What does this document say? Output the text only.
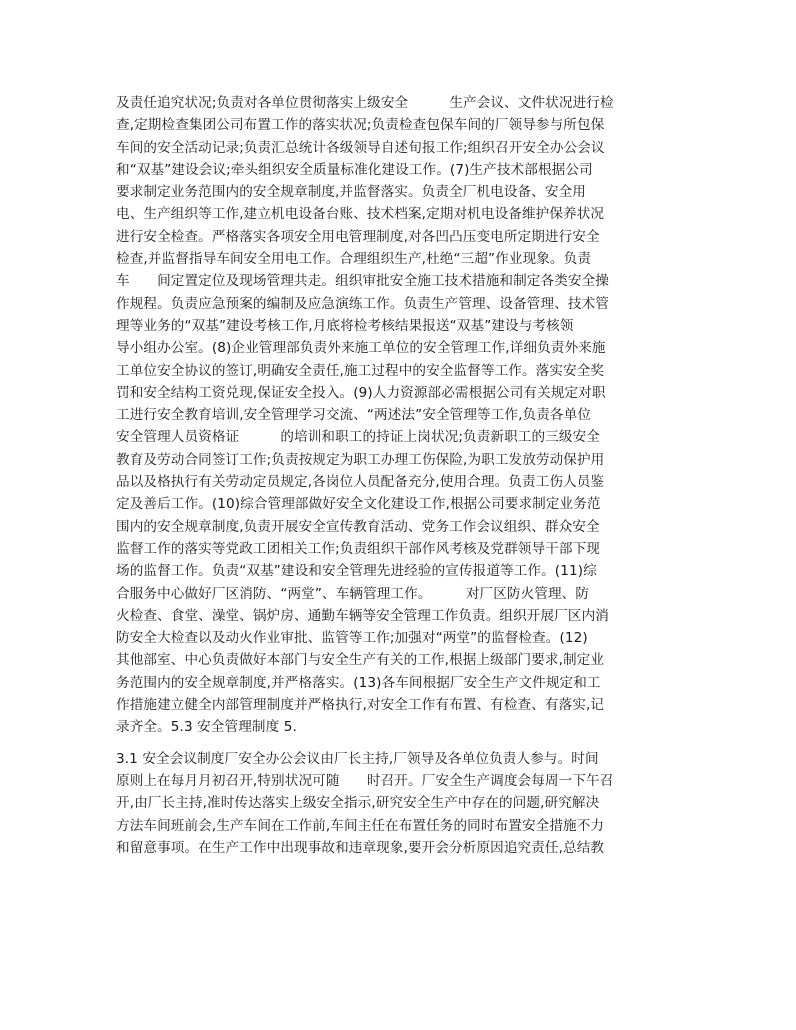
及责任追究状况;负责对各单位贯彻落实上级安全　　　生产会议、文件状况进行检
查,定期检查集团公司布置工作的落实状况;负责检查包保车间的厂领导参与所包保
车间的安全活动记录;负责汇总统计各级领导自述旬报工作;组织召开安全办公会议
和“双基”建设会议;牵头组织安全质量标准化建设工作。(7)生产技术部根据公司
要求制定业务范围内的安全规章制度,并监督落实。负责全厂机电设备、安全用
电、生产组织等工作,建立机电设备台账、技术档案,定期对机电设备维护保养状况
进行安全检查。严格落实各项安全用电管理制度,对各凹凸压变电所定期进行安全
检查,并监督指导车间安全用电工作。合理组织生产,杜绝“三超”作业现象。负责
车　　间定置定位及现场管理共走。组织审批安全施工技术措施和制定各类安全操
作规程。负责应急预案的编制及应急演练工作。负责生产管理、设备管理、技术管
理等业务的“双基”建设考核工作,月底将检考核结果报送“双基”建设与考核领
导小组办公室。(8)企业管理部负责外来施工单位的安全管理工作,详细负责外来施
工单位安全协议的签订,明确安全责任,施工过程中的安全监督等工作。落实安全奖
罚和安全结构工资兑现,保证安全投入。(9)人力资源部必需根据公司有关规定对职
工进行安全教育培训,安全管理学习交流、“两述法”安全管理等工作,负责各单位
安全管理人员资格证　　　的培训和职工的持证上岗状况;负责新职工的三级安全
教育及劳动合同签订工作;负责按规定为职工办理工伤保险,为职工发放劳动保护用
品以及格执行有关劳动定员规定,各岗位人员配备充分,使用合理。负责工伤人员鉴
定及善后工作。(10)综合管理部做好安全文化建设工作,根据公司要求制定业务范
围内的安全规章制度,负责开展安全宣传教育活动、党务工作会议组织、群众安全
监督工作的落实等党政工团相关工作;负责组织干部作风考核及党群领导干部下现
场的监督工作。负责“双基”建设和安全管理先进经验的宣传报道等工作。(11)综
合服务中心做好厂区消防、“两堂”、车辆管理工作。　　　对厂区防火管理、防
火检查、食堂、澡堂、锅炉房、通勤车辆等安全管理工作负责。组织开展厂区内消
防安全大检查以及动火作业审批、监管等工作;加强对“两堂”的监督检查。(12)
其他部室、中心负责做好本部门与安全生产有关的工作,根据上级部门要求,制定业
务范围内的安全规章制度,并严格落实。(13)各车间根据厂安全生产文件规定和工
作措施建立健全内部管理制度并严格执行,对安全工作有布置、有检查、有落实,记
录齐全。5.3 安全管理制度 5.
3.1 安全会议制度厂安全办公会议由厂长主持,厂领导及各单位负责人参与。时间
原则上在每月月初召开,特别状况可随　　时召开。厂安全生产调度会每周一下午召
开,由厂长主持,准时传达落实上级安全指示,研究安全生产中存在的问题,研究解决
方法车间班前会,生产车间在工作前,车间主任在布置任务的同时布置安全措施不力
和留意事项。在生产工作中出现事故和违章现象,要开会分析原因追究责任,总结教
